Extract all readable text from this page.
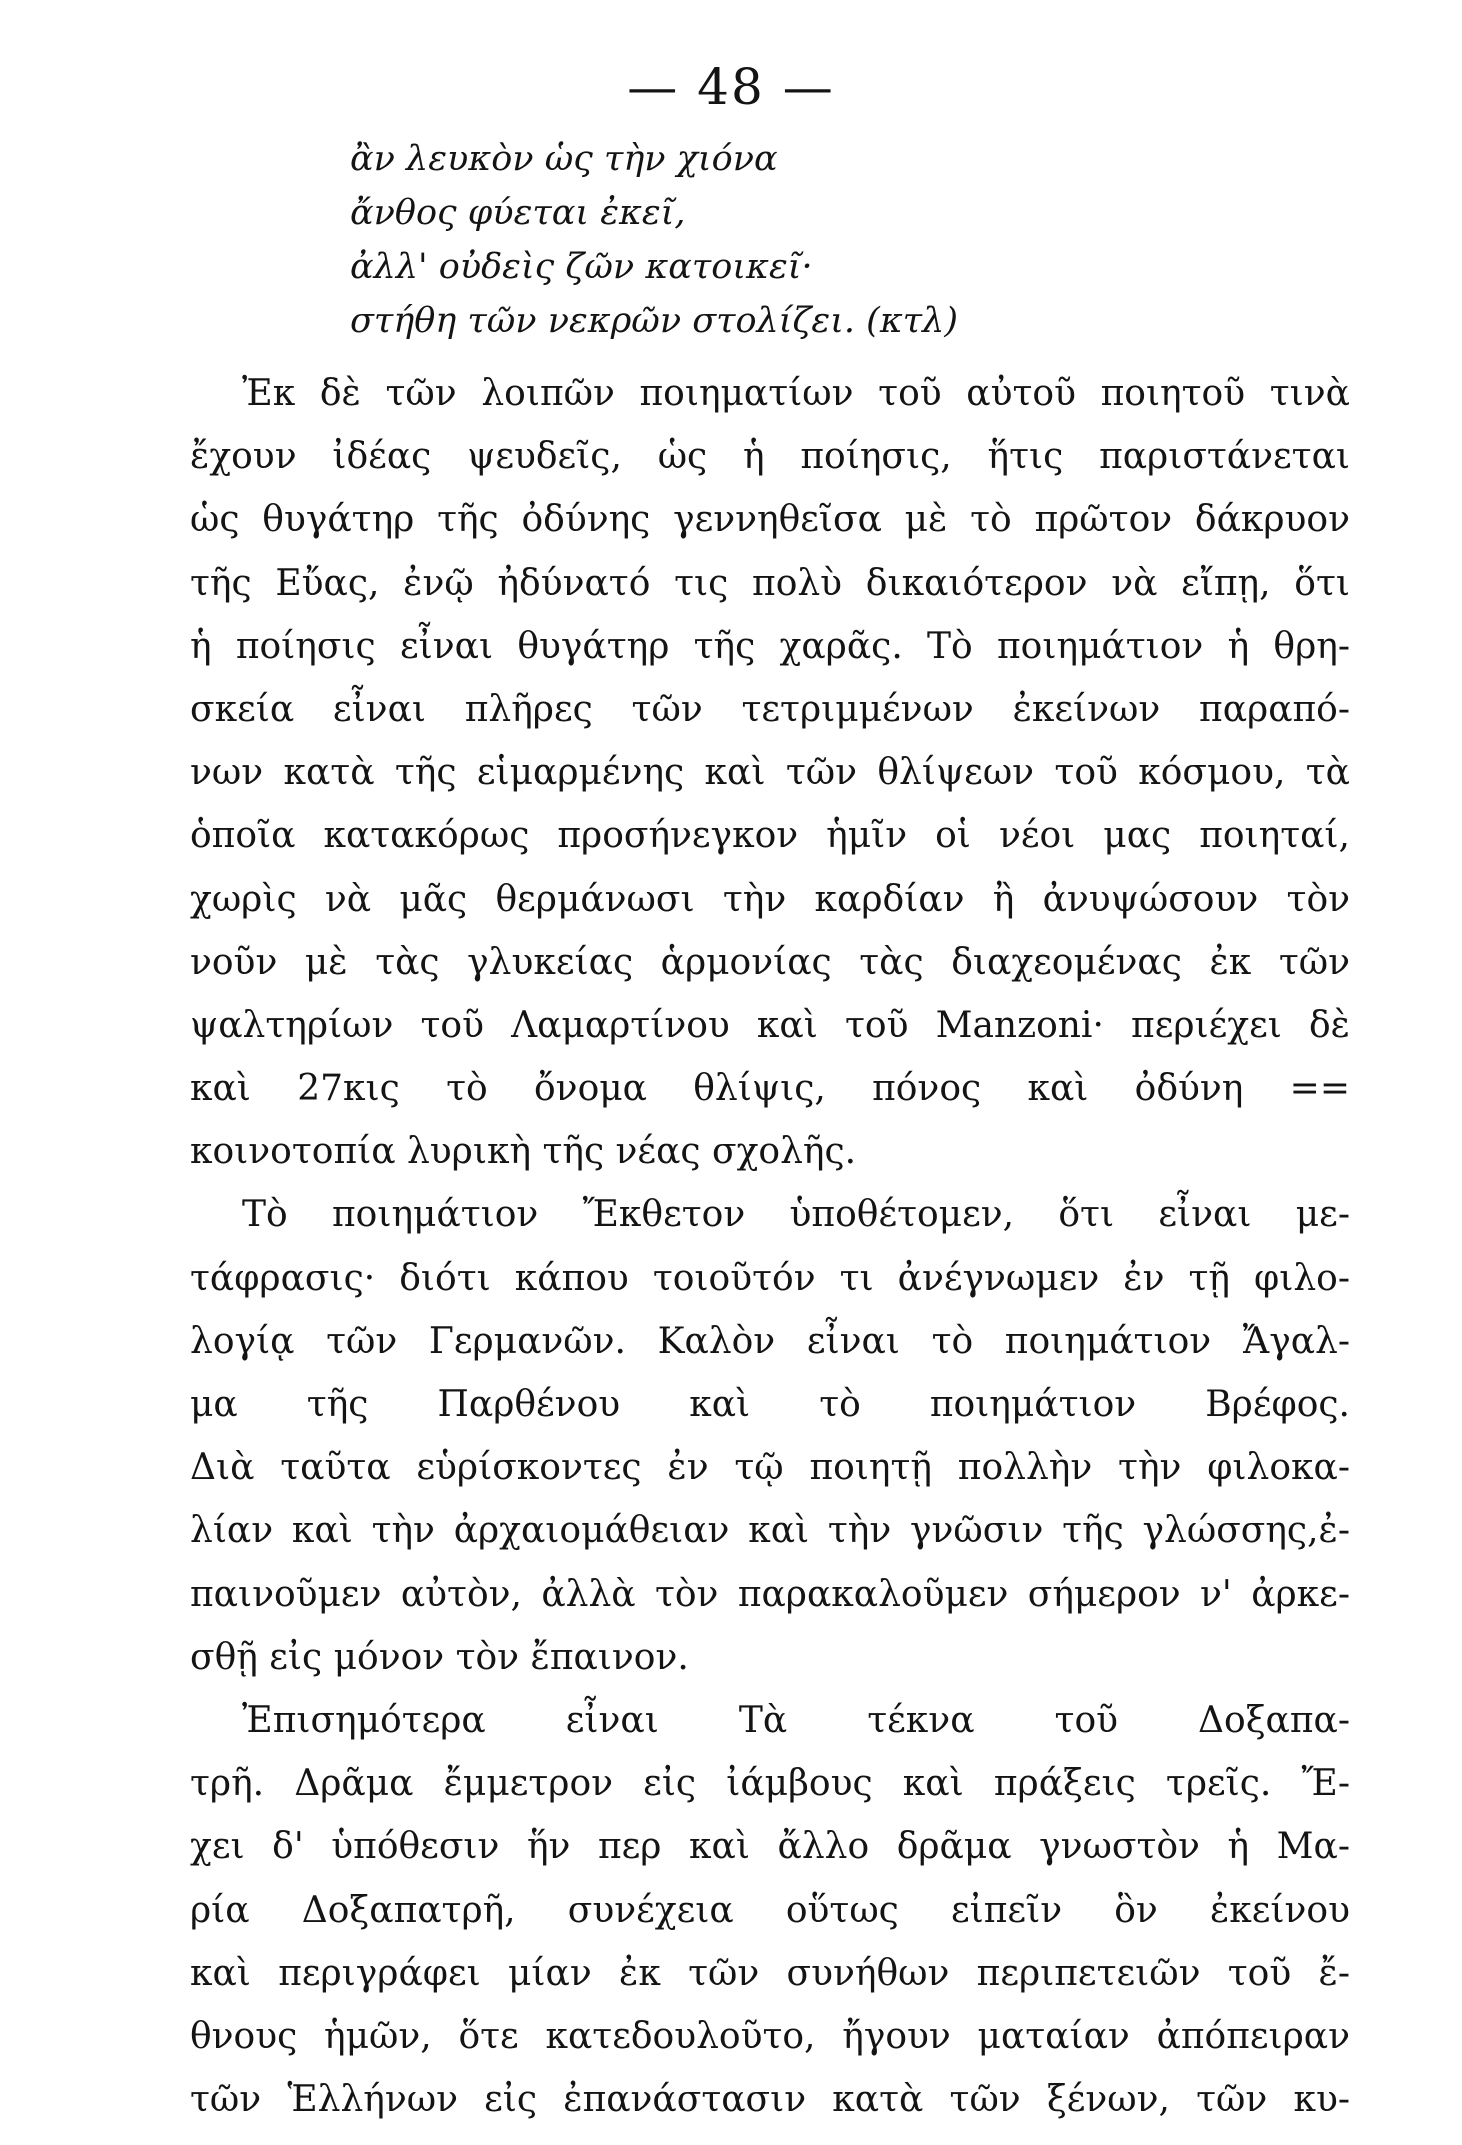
— 48 —
ἂν λευκὸν ὡς τὴν χιόνα
ἄνθος φύεται ἐκεῖ,
ἀλλ' οὐδεὶς ζῶν κατοικεῖ·
στήθη τῶν νεκρῶν στολίζει. (κτλ)
Ἐκ δὲ τῶν λοιπῶν ποιηματίων τοῦ αὐτοῦ ποιητοῦ τινὰ
ἔχουν ἰδέας ψευδεῖς, ὡς ἡ ποίησις, ἥτις παριστάνεται
ὡς θυγάτηρ τῆς ὀδύνης γεννηθεῖσα μὲ τὸ πρῶτον δάκρυον
τῆς Εὔας, ἐνῷ ἠδύνατό τις πολὺ δικαιότερον νὰ εἴπῃ, ὅτι
ἡ ποίησις εἶναι θυγάτηρ τῆς χαρᾶς. Τὸ ποιημάτιον ἡ θρη-
σκεία εἶναι πλῆρες τῶν τετριμμένων ἐκείνων παραπό-
νων κατὰ τῆς εἱμαρμένης καὶ τῶν θλίψεων τοῦ κόσμου, τὰ
ὁποῖα κατακόρως προσήνεγκον ἡμῖν οἱ νέοι μας ποιηταί,
χωρὶς νὰ μᾶς θερμάνωσι τὴν καρδίαν ἢ ἀνυψώσουν τὸν
νοῦν μὲ τὰς γλυκείας ἁρμονίας τὰς διαχεομένας ἐκ τῶν
ψαλτηρίων τοῦ Λαμαρτίνου καὶ τοῦ Manzoni· περιέχει δὲ
καὶ 27κις τὸ ὄνομα θλίψις, πόνος καὶ ὀδύνη ==
κοινοτοπία λυρικὴ τῆς νέας σχολῆς.
Τὸ ποιημάτιον Ἔκθετον ὑποθέτομεν, ὅτι εἶναι με-
τάφρασις· διότι κάπου τοιοῦτόν τι ἀνέγνωμεν ἐν τῇ φιλο-
λογίᾳ τῶν Γερμανῶν. Καλὸν εἶναι τὸ ποιημάτιον Ἄγαλ-
μα τῆς Παρθένου καὶ τὸ ποιημάτιον Βρέφος.
Διὰ ταῦτα εὑρίσκοντες ἐν τῷ ποιητῇ πολλὴν τὴν φιλοκα-
λίαν καὶ τὴν ἀρχαιομάθειαν καὶ τὴν γνῶσιν τῆς γλώσσης,ἐ-
παινοῦμεν αὐτὸν, ἀλλὰ τὸν παρακαλοῦμεν σήμερον ν' ἀρκε-
σθῇ εἰς μόνον τὸν ἔπαινον.
Ἐπισημότερα εἶναι Τὰ τέκνα τοῦ Δοξαπα-
τρῆ. Δρᾶμα ἔμμετρον εἰς ἰάμβους καὶ πράξεις τρεῖς. Ἔ-
χει δ' ὑπόθεσιν ἥν περ καὶ ἄλλο δρᾶμα γνωστὸν ἡ Μα-
ρία Δοξαπατρῆ, συνέχεια οὕτως εἰπεῖν ὃν ἐκείνου
καὶ περιγράφει μίαν ἐκ τῶν συνήθων περιπετειῶν τοῦ ἔ-
θνους ἡμῶν, ὅτε κατεδουλοῦτο, ἤγουν ματαίαν ἀπόπειραν
τῶν Ἑλλήνων εἰς ἐπανάστασιν κατὰ τῶν ξένων, τῶν κυ-
